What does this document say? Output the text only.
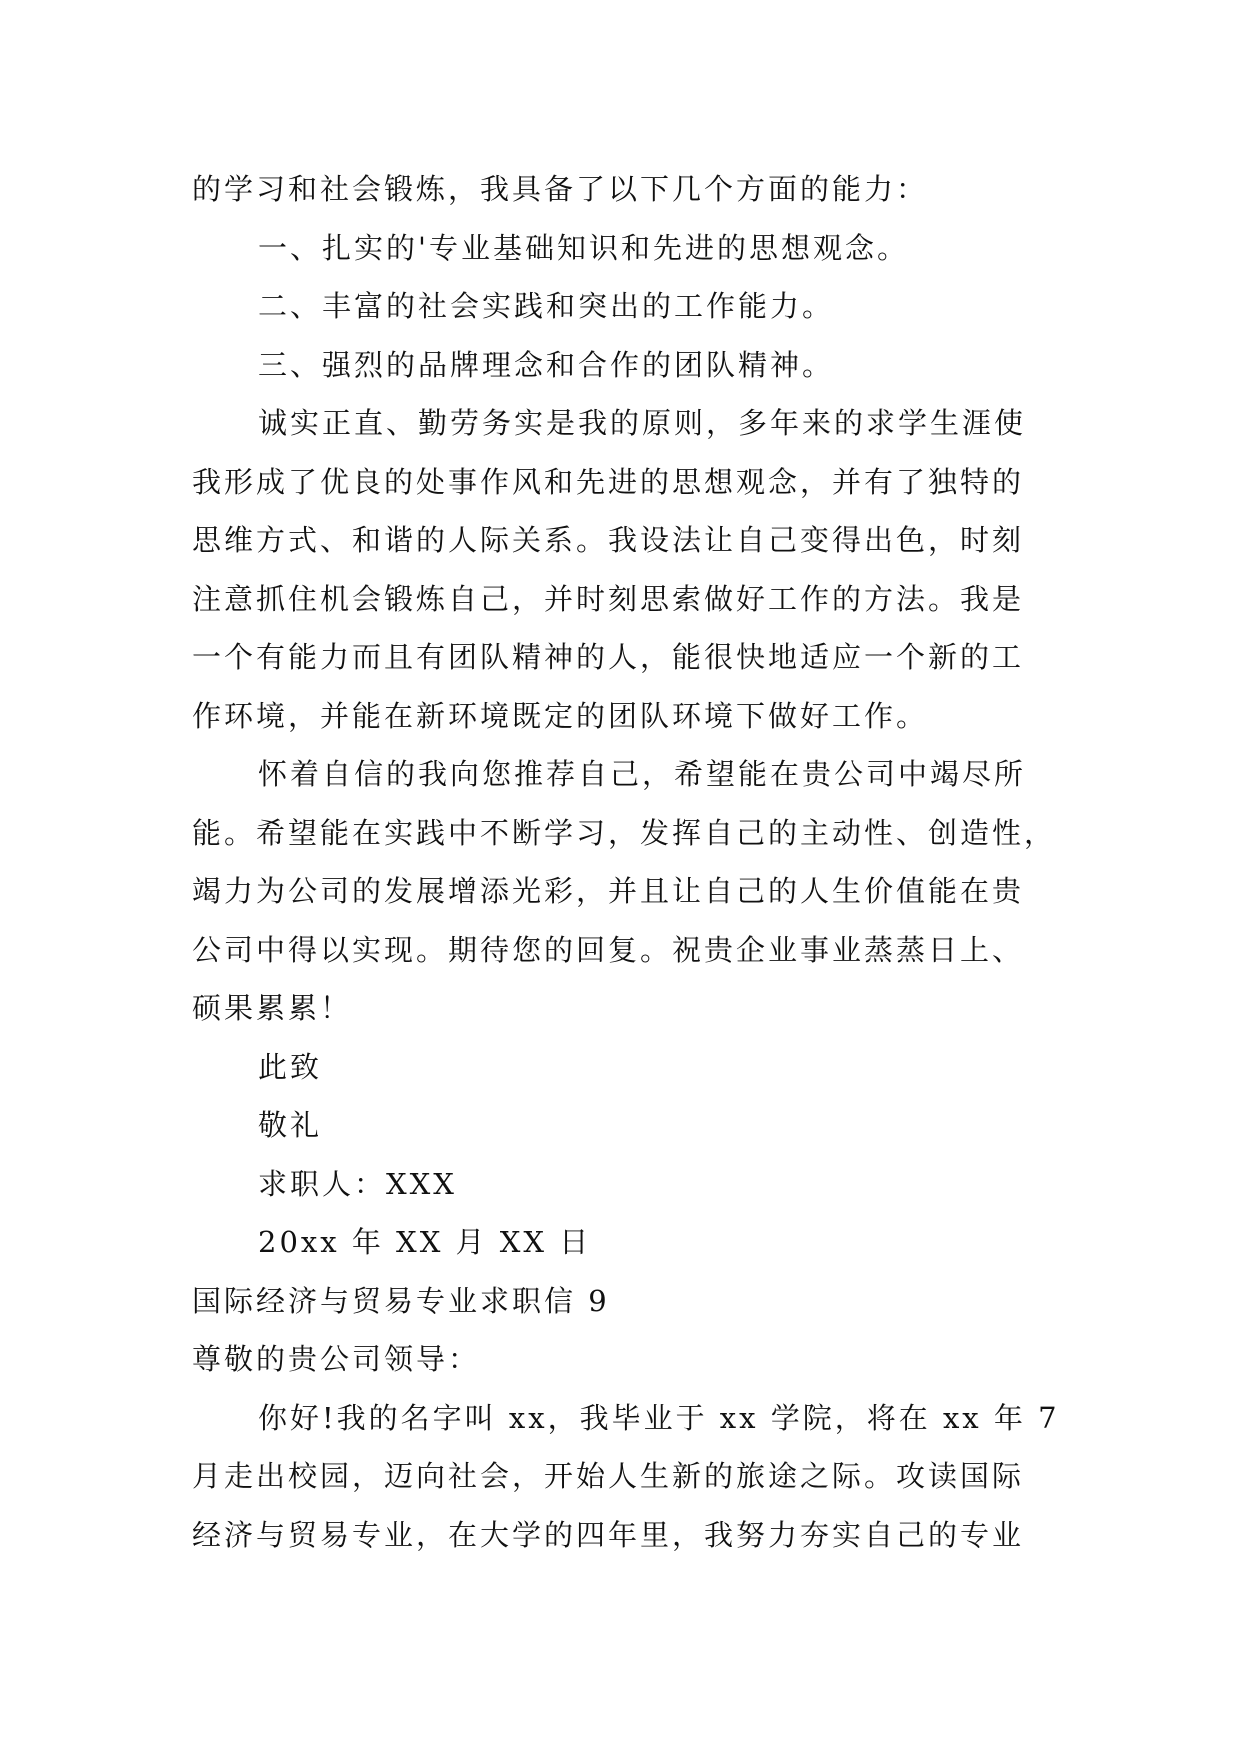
的学习和社会锻炼，我具备了以下几个方面的能力：
一、扎实的'专业基础知识和先进的思想观念。
二、丰富的社会实践和突出的工作能力。
三、强烈的品牌理念和合作的团队精神。
诚实正直、勤劳务实是我的原则，多年来的求学生涯使
我形成了优良的处事作风和先进的思想观念，并有了独特的
思维方式、和谐的人际关系。我设法让自己变得出色，时刻
注意抓住机会锻炼自己，并时刻思索做好工作的方法。我是
一个有能力而且有团队精神的人，能很快地适应一个新的工
作环境，并能在新环境既定的团队环境下做好工作。
怀着自信的我向您推荐自己，希望能在贵公司中竭尽所
能。希望能在实践中不断学习，发挥自己的主动性、创造性，
竭力为公司的发展增添光彩，并且让自己的人生价值能在贵
公司中得以实现。期待您的回复。祝贵企业事业蒸蒸日上、
硕果累累！
此致
敬礼
求职人：XXX
20xx 年 XX 月 XX 日
国际经济与贸易专业求职信 9
尊敬的贵公司领导：
你好!我的名字叫 xx，我毕业于 xx 学院，将在 xx 年 7
月走出校园，迈向社会，开始人生新的旅途之际。攻读国际
经济与贸易专业，在大学的四年里，我努力夯实自己的专业
